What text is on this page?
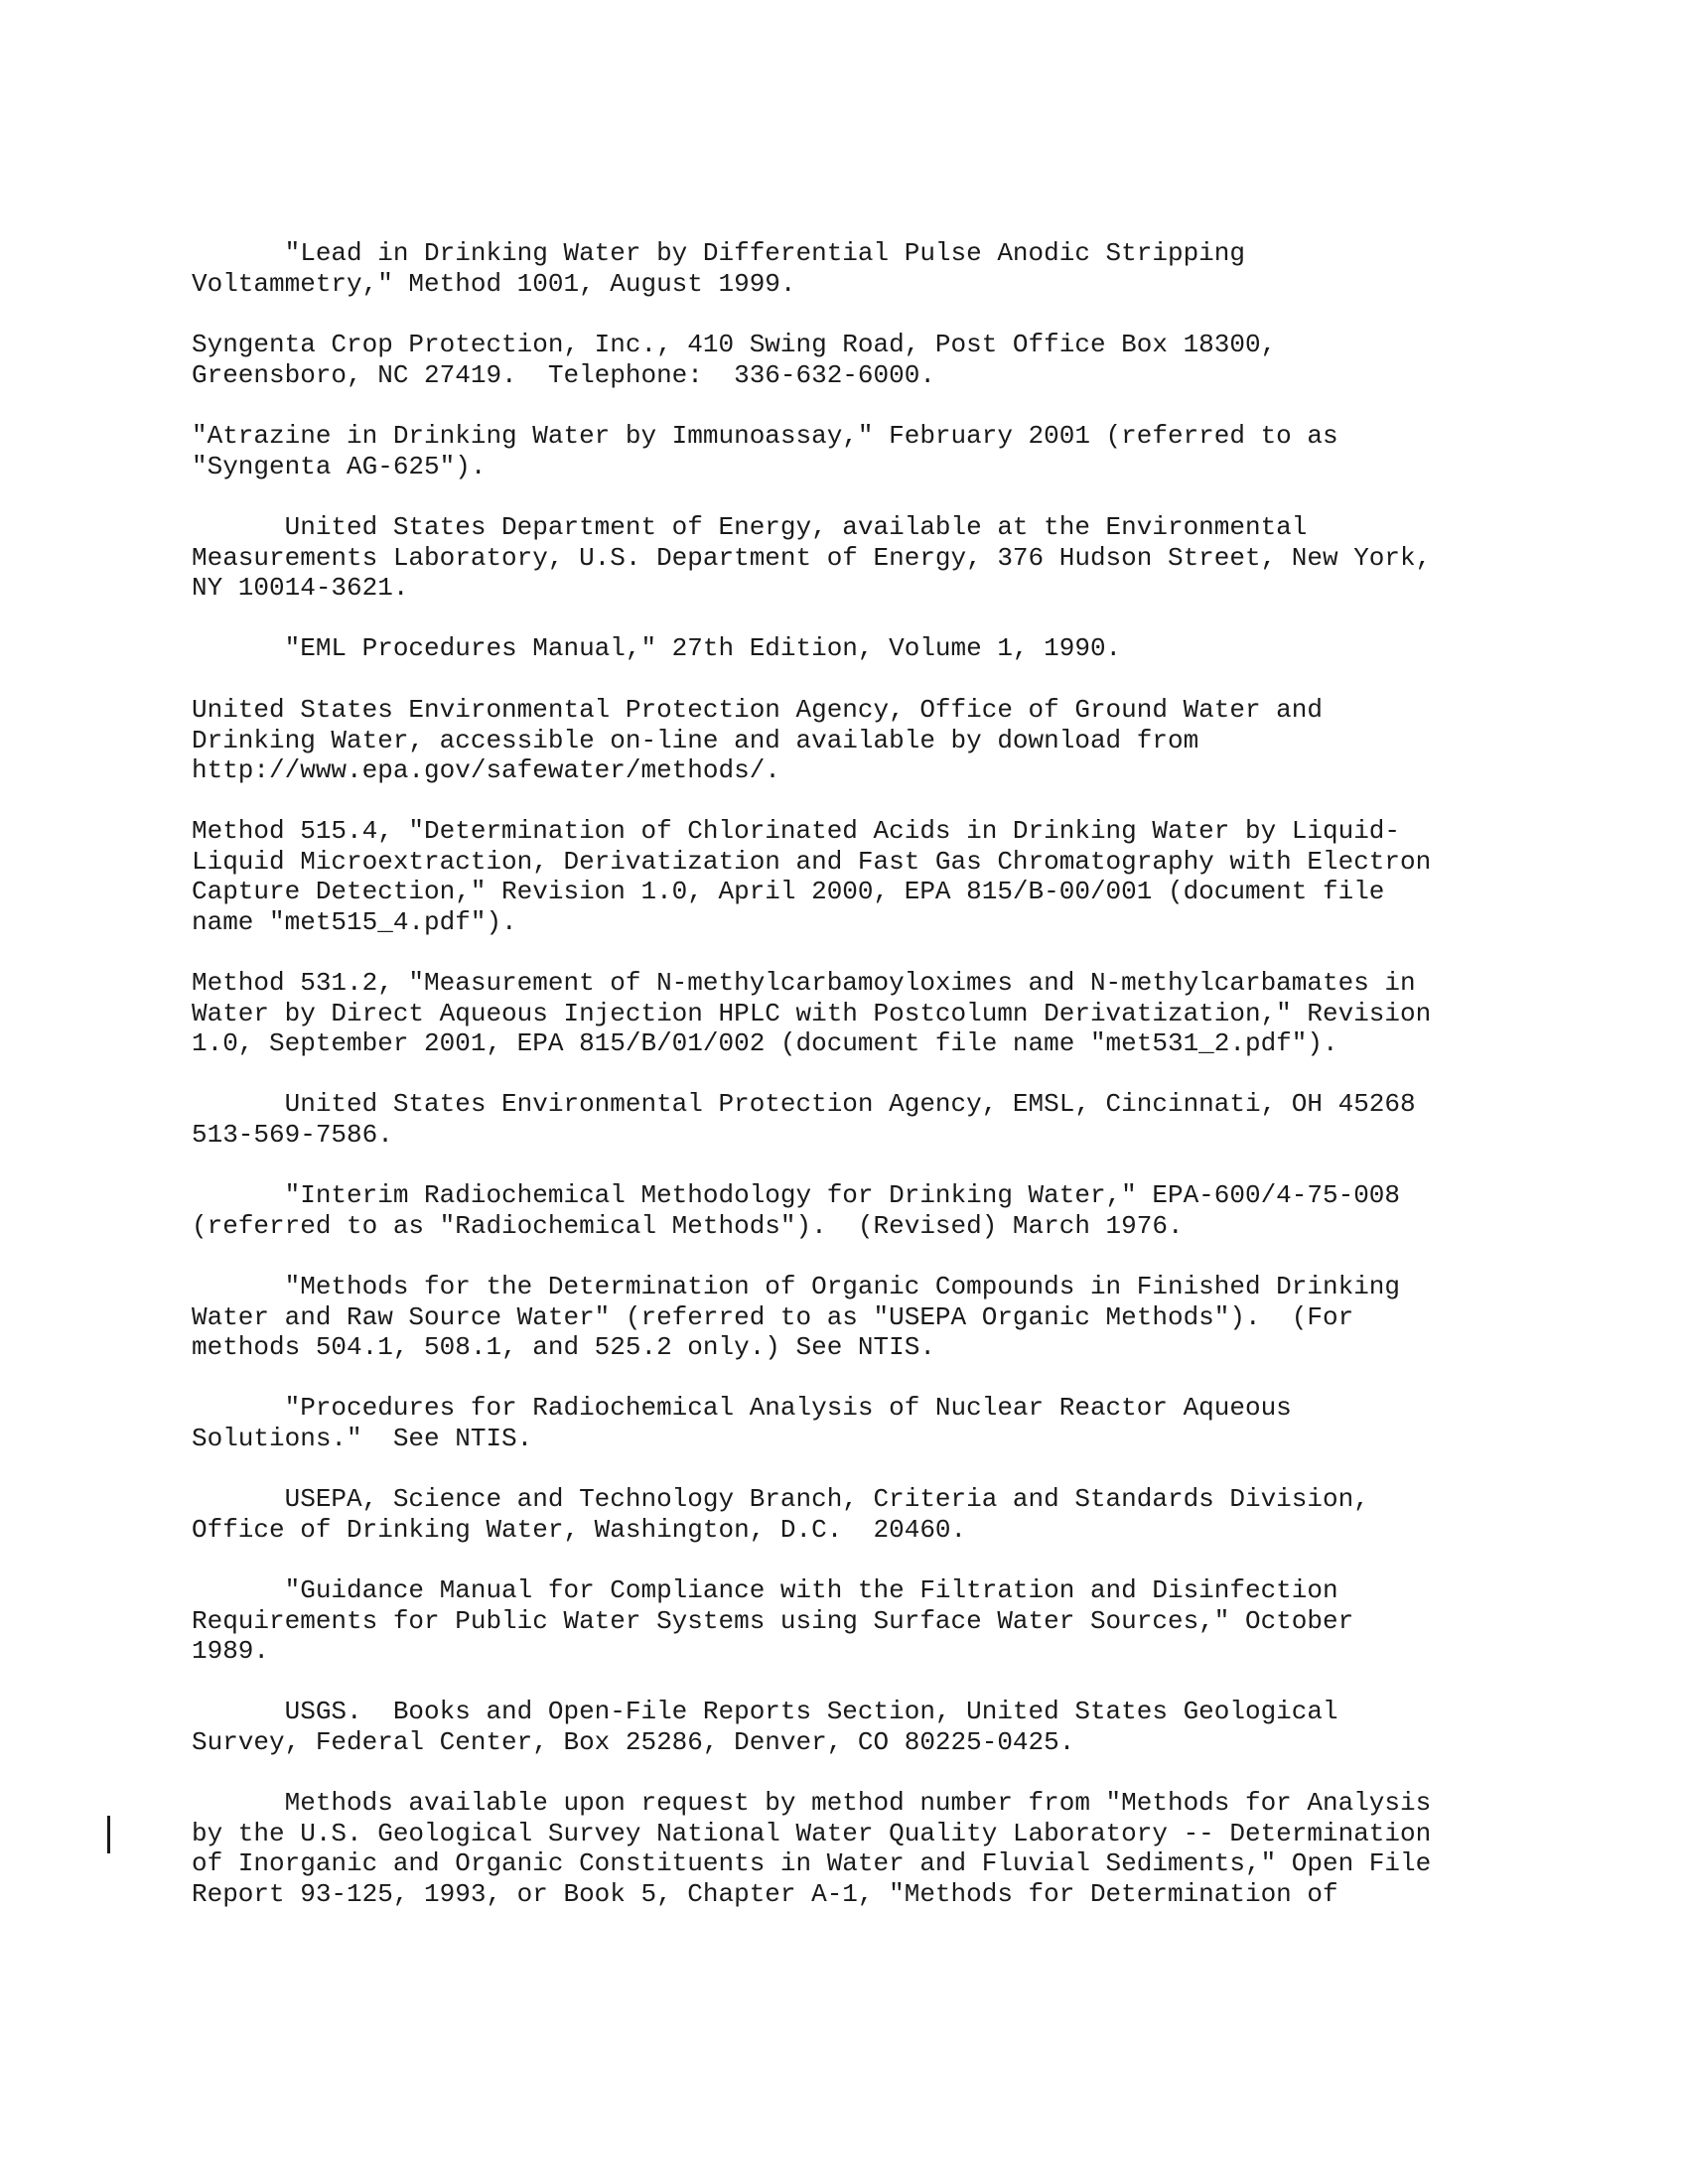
"Lead in Drinking Water by Differential Pulse Anodic Stripping
Voltammetry," Method 1001, August 1999.

Syngenta Crop Protection, Inc., 410 Swing Road, Post Office Box 18300,
Greensboro, NC 27419.  Telephone:  336-632-6000.

"Atrazine in Drinking Water by Immunoassay," February 2001 (referred to as
"Syngenta AG-625").

United States Department of Energy, available at the Environmental
Measurements Laboratory, U.S. Department of Energy, 376 Hudson Street, New York,
NY 10014-3621.

"EML Procedures Manual," 27th Edition, Volume 1, 1990.

United States Environmental Protection Agency, Office of Ground Water and
Drinking Water, accessible on-line and available by download from
http://www.epa.gov/safewater/methods/.

Method 515.4, "Determination of Chlorinated Acids in Drinking Water by Liquid-
Liquid Microextraction, Derivatization and Fast Gas Chromatography with Electron
Capture Detection," Revision 1.0, April 2000, EPA 815/B-00/001 (document file
name "met515_4.pdf").

Method 531.2, "Measurement of N-methylcarbamoyloximes and N-methylcarbamates in
Water by Direct Aqueous Injection HPLC with Postcolumn Derivatization," Revision
1.0, September 2001, EPA 815/B/01/002 (document file name "met531_2.pdf").

United States Environmental Protection Agency, EMSL, Cincinnati, OH 45268
513-569-7586.

"Interim Radiochemical Methodology for Drinking Water," EPA-600/4-75-008
(referred to as "Radiochemical Methods").  (Revised) March 1976.

"Methods for the Determination of Organic Compounds in Finished Drinking
Water and Raw Source Water" (referred to as "USEPA Organic Methods").  (For
methods 504.1, 508.1, and 525.2 only.) See NTIS.

"Procedures for Radiochemical Analysis of Nuclear Reactor Aqueous
Solutions."  See NTIS.

USEPA, Science and Technology Branch, Criteria and Standards Division,
Office of Drinking Water, Washington, D.C.  20460.

"Guidance Manual for Compliance with the Filtration and Disinfection
Requirements for Public Water Systems using Surface Water Sources," October
1989.

USGS.  Books and Open-File Reports Section, United States Geological
Survey, Federal Center, Box 25286, Denver, CO 80225-0425.

Methods available upon request by method number from "Methods for Analysis
by the U.S. Geological Survey National Water Quality Laboratory -- Determination
of Inorganic and Organic Constituents in Water and Fluvial Sediments," Open File
Report 93-125, 1993, or Book 5, Chapter A-1, "Methods for Determination of
